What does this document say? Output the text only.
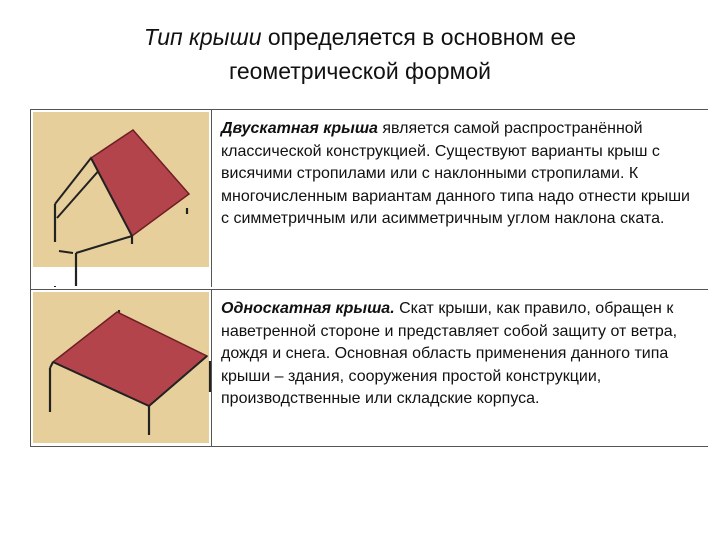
Тип крыши определяется в основном ее
геометрической формой
Двускатная крыша является самой распространённой классической конструкцией. Существуют варианты крыш с висячими стропилами или с наклонными стропилами. К многочисленным вариантам данного типа надо отнести крыши с симметричным или асимметричным углом наклона ската.
Односкатная крыша. Скат крыши, как правило, обращен к наветренной стороне и представляет собой защиту от ветра, дождя и снега. Основная область применения данного типа крыши – здания, сооружения простой конструкции, производственные или складские корпуса.
